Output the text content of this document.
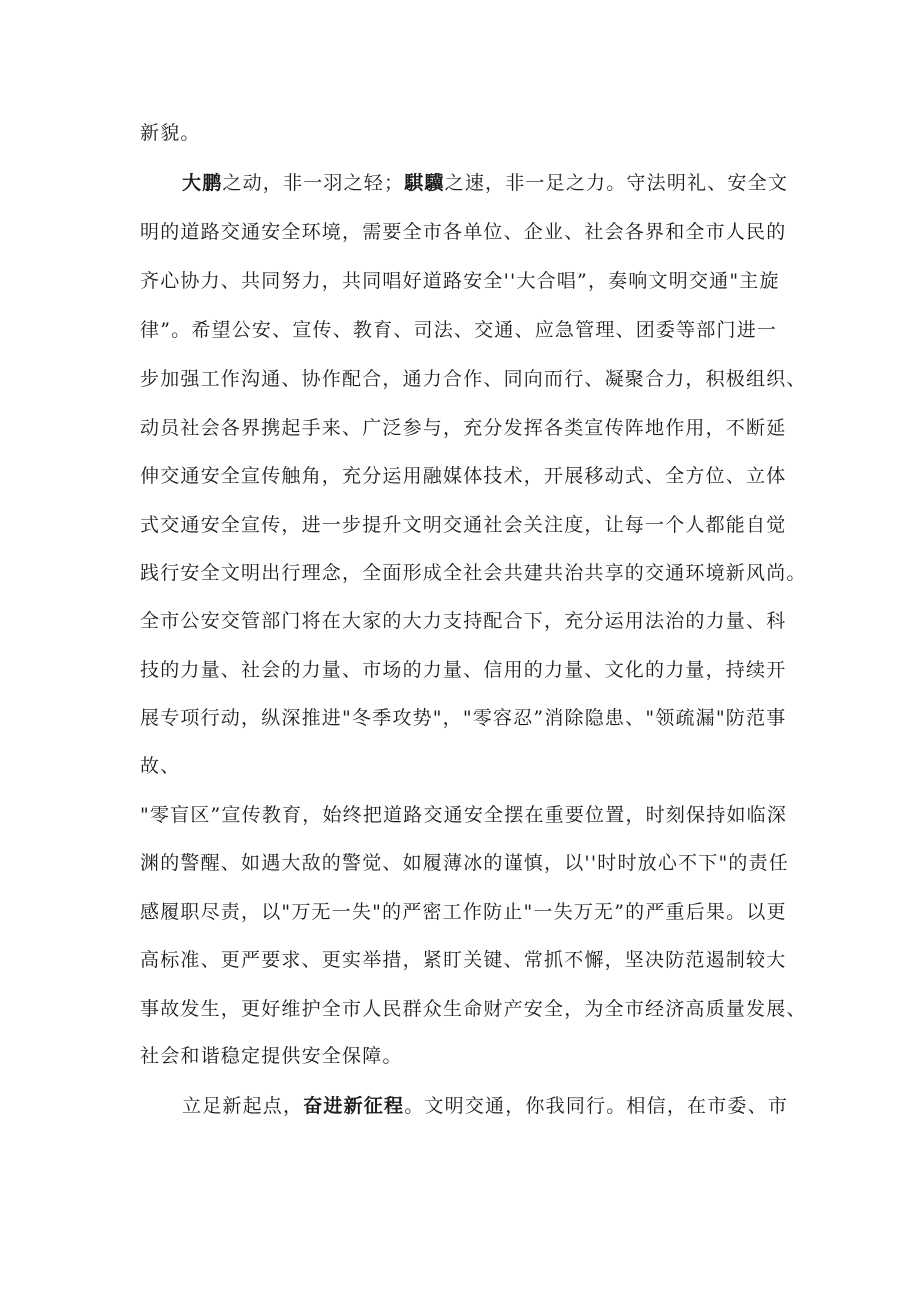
新貌。
大鹏之动，非一羽之轻；騏驥之速，非一足之力。守法明礼、安全文
明的道路交通安全环境，需要全市各单位、企业、社会各界和全市人民的
齐心协力、共同努力，共同唱好道路安全''大合唱”，奏响文明交通"主旋
律”。希望公安、宣传、教育、司法、交通、应急管理、团委等部门进一
步加强工作沟通、协作配合，通力合作、同向而行、凝聚合力，积极组织、
动员社会各界携起手来、广泛参与，充分发挥各类宣传阵地作用，不断延
伸交通安全宣传触角，充分运用融媒体技术，开展移动式、全方位、立体
式交通安全宣传，进一步提升文明交通社会关注度，让每一个人都能自觉
践行安全文明出行理念，全面形成全社会共建共治共享的交通环境新风尚。
全市公安交管部门将在大家的大力支持配合下，充分运用法治的力量、科
技的力量、社会的力量、市场的力量、信用的力量、文化的力量，持续开
展专项行动，纵深推进"冬季攻势"，"零容忍”消除隐患、"领疏漏"防范事
故、
"零盲区”宣传教育，始终把道路交通安全摆在重要位置，时刻保持如临深
渊的警醒、如遇大敌的警觉、如履薄冰的谨慎，以''时时放心不下"的责任
感履职尽责，以"万无一失"的严密工作防止"一失万无”的严重后果。以更
高标准、更严要求、更实举措，紧盯关键、常抓不懈，坚决防范遏制较大
事故发生，更好维护全市人民群众生命财产安全，为全市经济高质量发展、
社会和谐稳定提供安全保障。
立足新起点，奋进新征程。文明交通，你我同行。相信，在市委、市
